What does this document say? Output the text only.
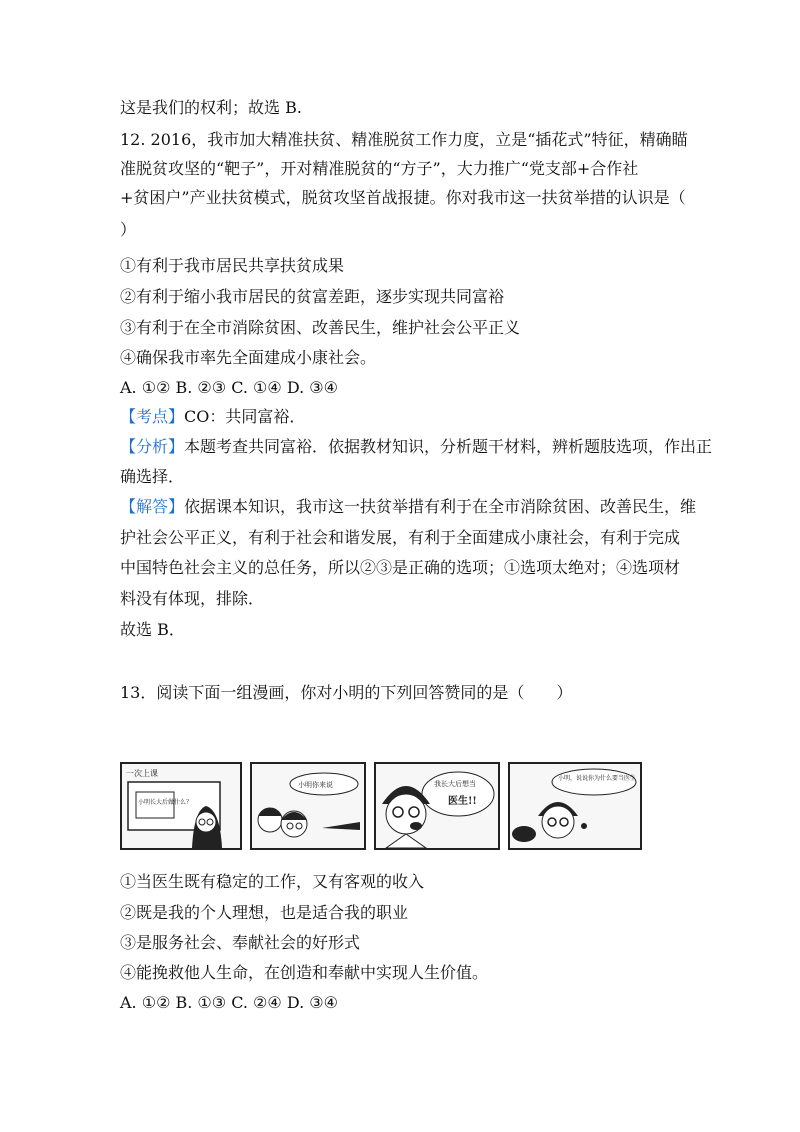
这是我们的权利；故选 B.
12. 2016，我市加大精准扶贫、精准脱贫工作力度，立是“插花式”特征，精确瞄
准脱贫攻坚的“靶子”，开对精准脱贫的“方子”，大力推广“党支部+合作社
+贫困户”产业扶贫模式，脱贫攻坚首战报捷。你对我市这一扶贫举措的认识是（
）
①有利于我市居民共享扶贫成果
②有利于缩小我市居民的贫富差距，逐步实现共同富裕
③有利于在全市消除贫困、改善民生，维护社会公平正义
④确保我市率先全面建成小康社会。
A. ①② B. ②③ C. ①④ D. ③④
【考点】CO：共同富裕．
【分析】本题考查共同富裕．依据教材知识，分析题干材料，辨析题肢选项，作出正
确选择．
【解答】依据课本知识，我市这一扶贫举措有利于在全市消除贫困、改善民生，维
护社会公平正义，有利于社会和谐发展，有利于全面建成小康社会，有利于完成
中国特色社会主义的总任务，所以②③是正确的选项；①选项太绝对；④选项材
料没有体现，排除．
故选 B．
13．阅读下面一组漫画，你对小明的下列回答赞同的是（　　）
一次上课
小明长大后做什么？
小明你来说	我长大后想当
医生!!
小明，说说你为什么要当医生
①当医生既有稳定的工作，又有客观的收入
②既是我的个人理想，也是适合我的职业
③是服务社会、奉献社会的好形式
④能挽救他人生命，在创造和奉献中实现人生价值。
A. ①② B. ①③ C. ②④ D. ③④
